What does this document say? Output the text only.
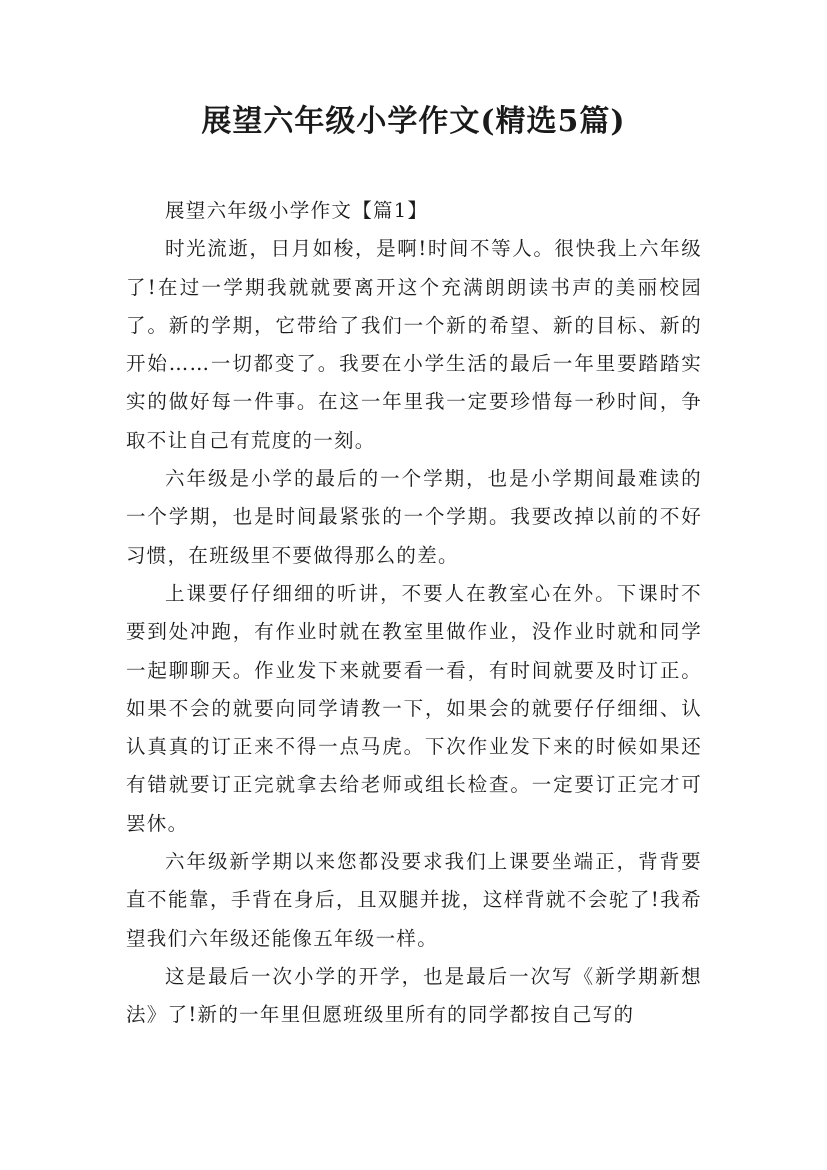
展望六年级小学作文(精选5篇)

展望六年级小学作文【篇1】

时光流逝，日月如梭，是啊!时间不等人。很快我上六年级了!在过一学期我就就要离开这个充满朗朗读书声的美丽校园了。新的学期，它带给了我们一个新的希望、新的目标、新的开始……一切都变了。我要在小学生活的最后一年里要踏踏实实的做好每一件事。在这一年里我一定要珍惜每一秒时间，争取不让自己有荒度的一刻。

六年级是小学的最后的一个学期，也是小学期间最难读的一个学期，也是时间最紧张的一个学期。我要改掉以前的不好习惯，在班级里不要做得那么的差。

上课要仔仔细细的听讲，不要人在教室心在外。下课时不要到处冲跑，有作业时就在教室里做作业，没作业时就和同学一起聊聊天。作业发下来就要看一看，有时间就要及时订正。如果不会的就要向同学请教一下，如果会的就要仔仔细细、认认真真的订正来不得一点马虎。下次作业发下来的时候如果还有错就要订正完就拿去给老师或组长检查。一定要订正完才可罢休。

六年级新学期以来您都没要求我们上课要坐端正，背背要直不能靠，手背在身后，且双腿并拢，这样背就不会驼了!我希望我们六年级还能像五年级一样。

这是最后一次小学的开学，也是最后一次写《新学期新想法》了!新的一年里但愿班级里所有的同学都按自己写的
